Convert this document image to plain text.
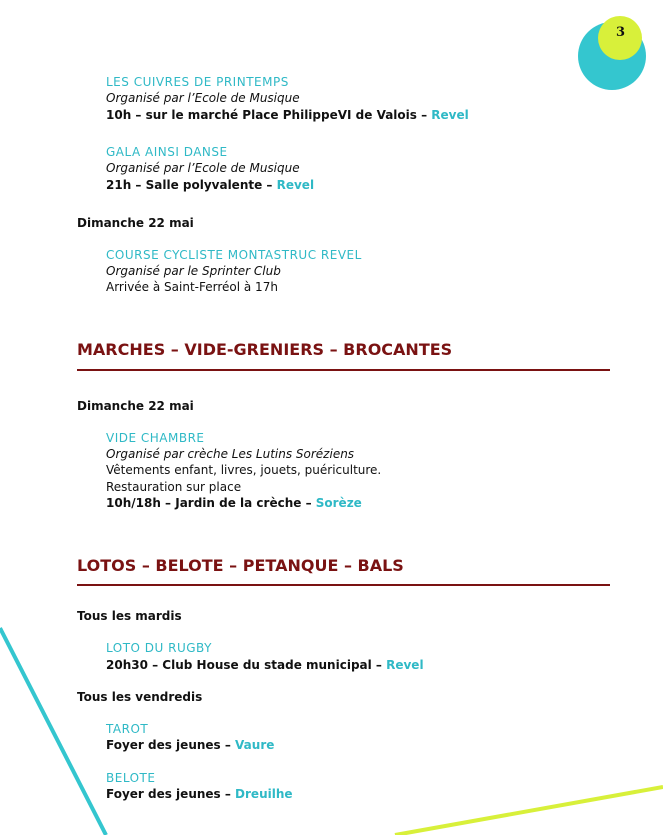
3
LES CUIVRES DE PRINTEMPS
Organisé par l’Ecole de Musique
10h – sur le marché Place PhilippeVI de Valois – Revel
GALA AINSI DANSE
Organisé par l’Ecole de Musique
21h – Salle polyvalente – Revel
Dimanche 22 mai
COURSE CYCLISTE MONTASTRUC REVEL
Organisé par le Sprinter Club
Arrivée à Saint-Ferréol à 17h
MARCHES – VIDE-GRENIERS – BROCANTES
Dimanche 22 mai
VIDE CHAMBRE
Organisé par crèche Les Lutins Soréziens
Vêtements enfant, livres, jouets, puériculture.
Restauration sur place
10h/18h – Jardin de la crèche – Sorèze
LOTOS – BELOTE – PETANQUE – BALS
Tous les mardis
LOTO DU RUGBY
20h30 – Club House du stade municipal – Revel
Tous les vendredis
TAROT
Foyer des jeunes – Vaure
BELOTE
Foyer des jeunes – Dreuilhe
